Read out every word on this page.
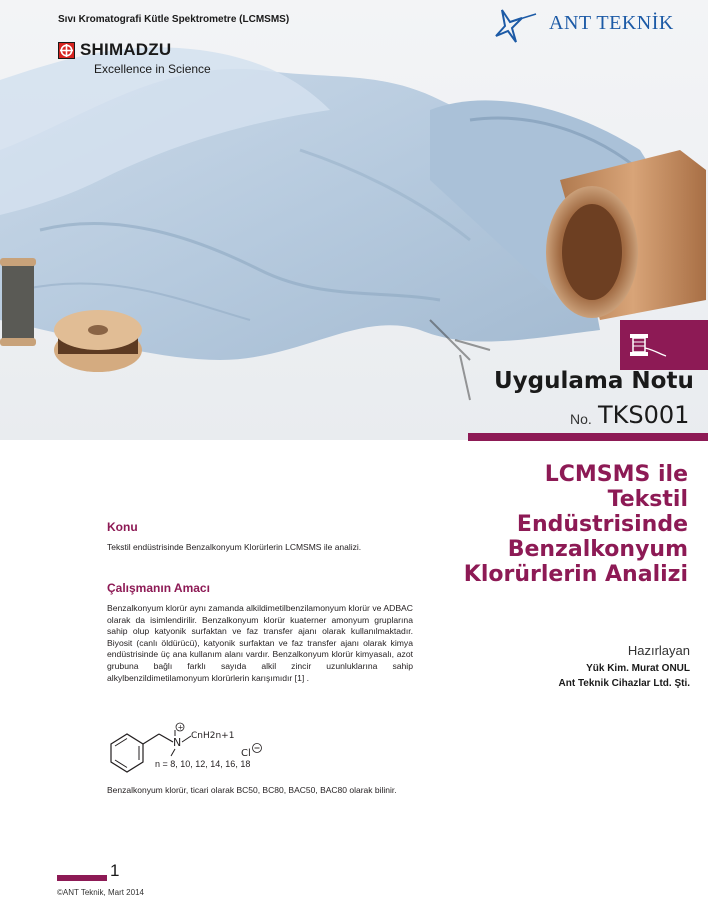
Sıvı Kromatografi Kütle Spektrometre (LCMSMS)
SHIMADZU
Excellence in Science
ANT TEKNİK
Uygulama Notu
No. TKS001
LCMSMS ile
Tekstil
Endüstrisinde
Benzalkonyum
Klorürlerin Analizi
Hazırlayan
Yük Kim. Murat ONUL
Ant Teknik Cihazlar Ltd. Şti.
Konu
Tekstil endüstrisinde Benzalkonyum Klorürlerin LCMSMS ile analizi.
Çalışmanın Amacı
Benzalkonyum klorür aynı zamanda alkildimetilbenzilamonyum klorür ve ADBAC olarak da isimlendirilir. Benzalkonyum klorür kuaterner amonyum gruplarına sahip olup katyonik surfaktan ve faz transfer ajanı olarak kullanılmaktadır. Biyosit (canlı öldürücü), katyonik surfaktan ve faz transfer ajanı olarak kimya endüstrisinde üç ana kullanım alanı vardır. Benzalkonyum klorür kimyasalı, azot grubuna bağlı farklı sayıda alkil zincir uzunluklarına sahip alkylbenzildimetilamonyum klorürlerin karışımıdır [1] .
N
+
CnH2n+1
Cl
n = 8, 10, 12, 14, 16, 18
Benzalkonyum klorür, ticari olarak BC50, BC80, BAC50, BAC80 olarak bilinir.
1
©ANT Teknik, Mart 2014
